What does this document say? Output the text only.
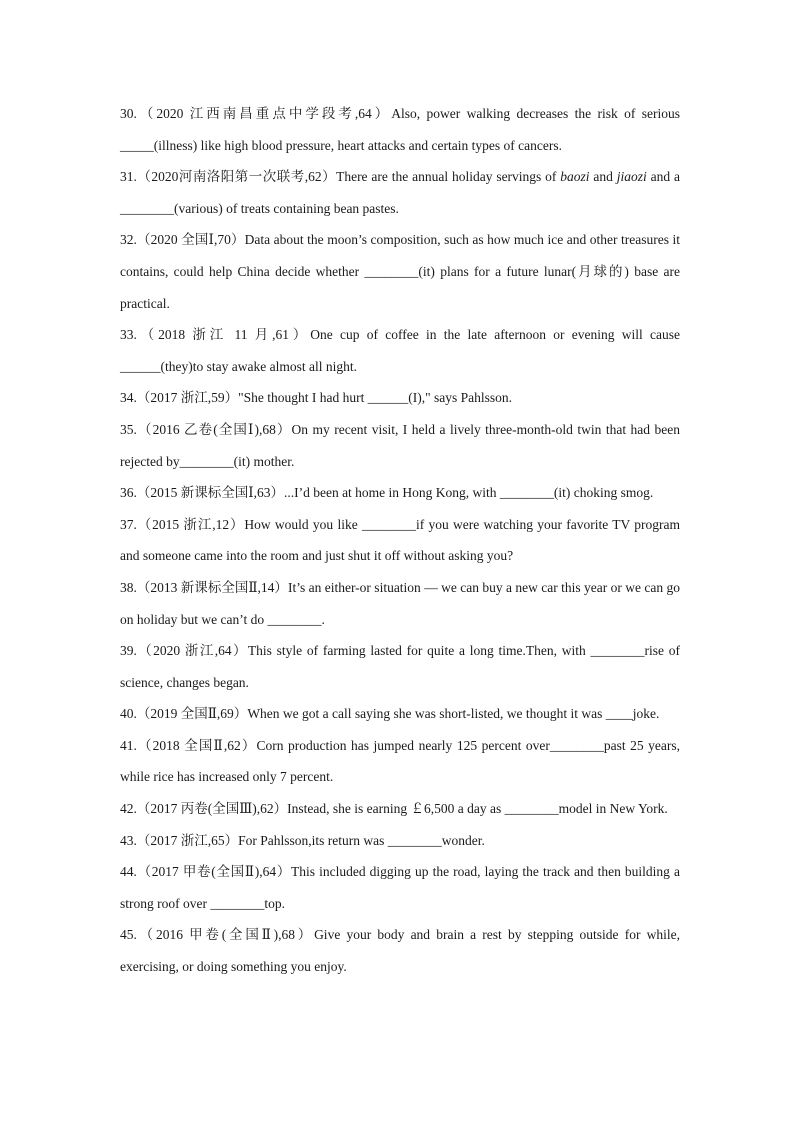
30.（2020 江西南昌重点中学段考,64）Also, power walking decreases the risk of serious _____(illness) like high blood pressure, heart attacks and certain types of cancers.

31.（2020河南洛阳第一次联考,62）There are the annual holiday servings of baozi and jiaozi and a ________(various) of treats containing bean pastes.

32.（2020 全国Ⅰ,70）Data about the moon’s composition, such as how much ice and other treasures it contains, could help China decide whether ________(it) plans for a future lunar(月球的) base are practical.

33.（2018 浙江 11 月,61）One cup of coffee in the late afternoon or evening will cause ______(they)to stay awake almost all night.

34.（2017 浙江,59）"She thought I had hurt ______(I)," says Pahlsson.

35.（2016 乙卷(全国Ⅰ),68）On my recent visit, I held a lively three-month-old twin that had been rejected by________(it) mother.

36.（2015 新课标全国Ⅰ,63）...I’d been at home in Hong Kong, with ________(it) choking smog.

37.（2015 浙江,12）How would you like ________if you were watching your favorite TV program and someone came into the room and just shut it off without asking you?

38.（2013 新课标全国Ⅱ,14）It’s an either-or situation — we can buy a new car this year or we can go on holiday but we can’t do ________.

39.（2020 浙江,64）This style of farming lasted for quite a long time.Then, with ________rise of science, changes began.

40.（2019 全国Ⅱ,69）When we got a call saying she was short-listed, we thought it was ____joke.

41.（2018 全国Ⅱ,62）Corn production has jumped nearly 125 percent over________past 25 years, while rice has increased only 7 percent.

42.（2017 丙卷(全国Ⅲ),62）Instead, she is earning ￡6,500 a day as ________model in New York.

43.（2017 浙江,65）For Pahlsson,its return was ________wonder.

44.（2017 甲卷(全国Ⅱ),64）This included digging up the road, laying the track and then building a strong roof over ________top.

45.（2016 甲卷(全国Ⅱ),68）Give your body and brain a rest by stepping outside for while, exercising, or doing something you enjoy.
